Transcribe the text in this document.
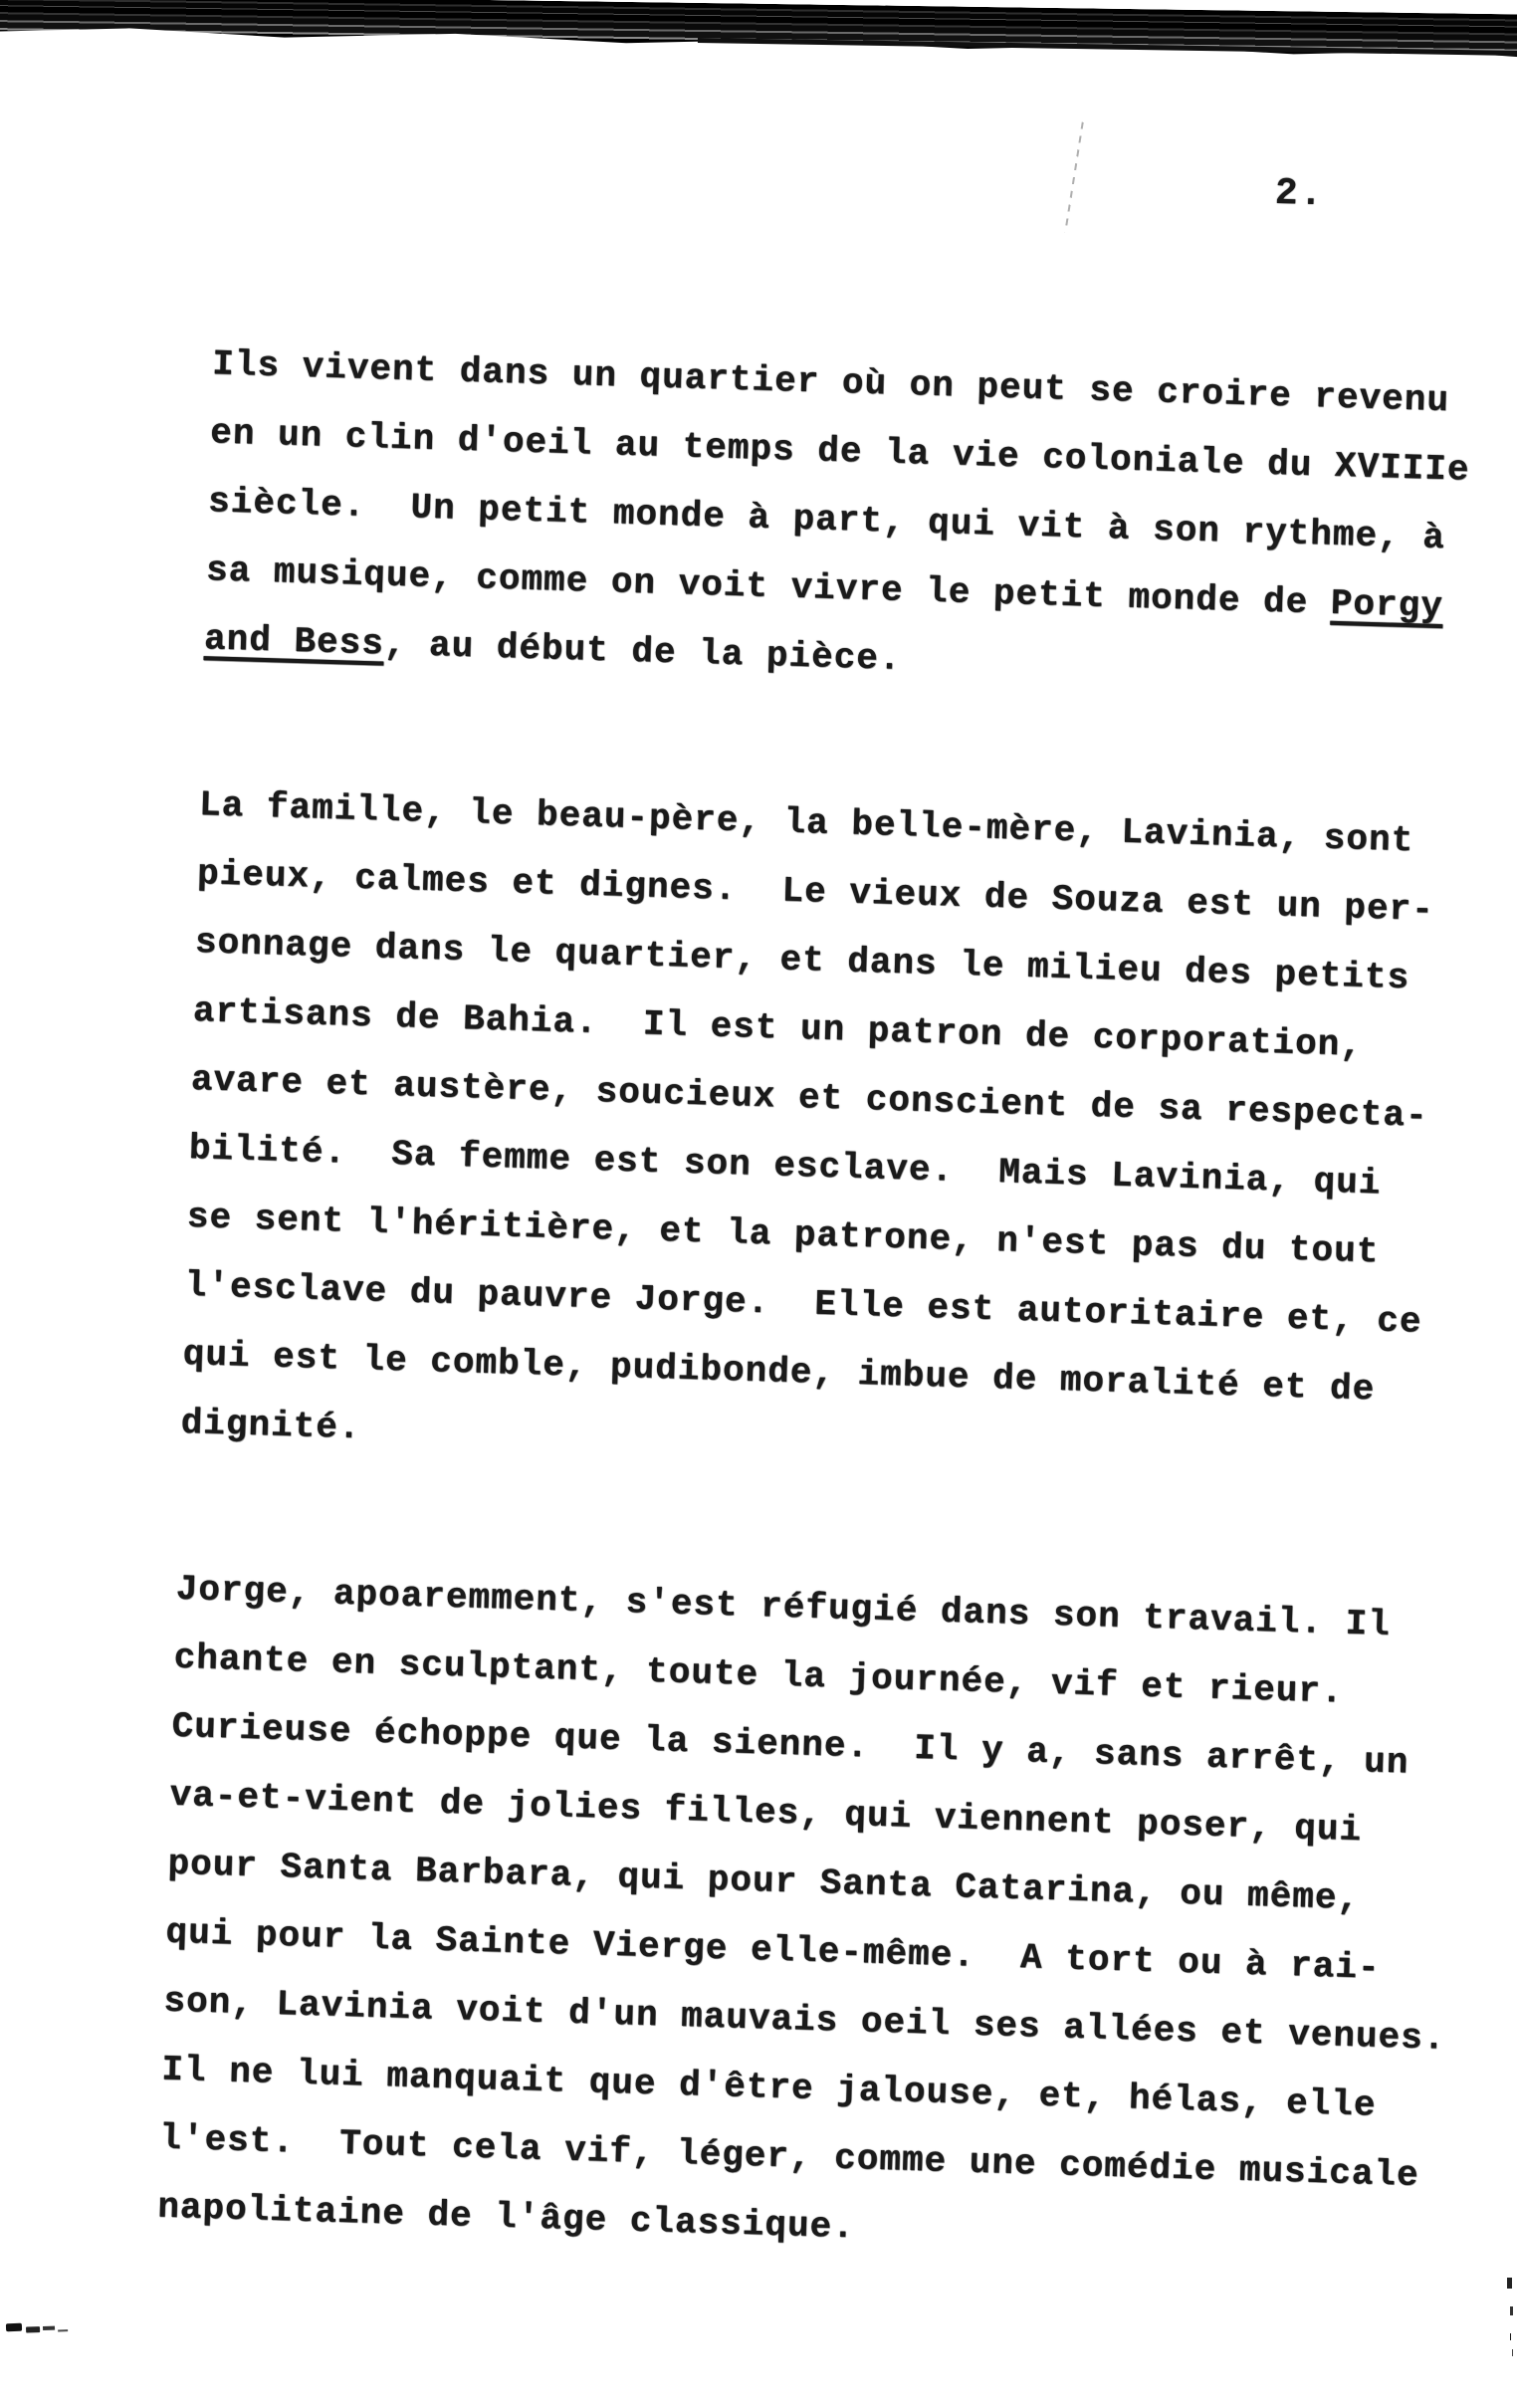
2.
Ils vivent dans un quartier où on peut se croire revenu
en un clin d'oeil au temps de la vie coloniale du XVIIIe
siècle.  Un petit monde à part, qui vit à son rythme, à
sa musique, comme on voit vivre le petit monde de Porgy
and Bess, au début de la pièce.
La famille, le beau-père, la belle-mère, Lavinia, sont
pieux, calmes et dignes.  Le vieux de Souza est un per-
sonnage dans le quartier, et dans le milieu des petits
artisans de Bahia.  Il est un patron de corporation,
avare et austère, soucieux et conscient de sa respecta-
bilité.  Sa femme est son esclave.  Mais Lavinia, qui
se sent l'héritière, et la patrone, n'est pas du tout
l'esclave du pauvre Jorge.  Elle est autoritaire et, ce
qui est le comble, pudibonde, imbue de moralité et de
dignité.
Jorge, apoaremment, s'est réfugié dans son travail. Il
chante en sculptant, toute la journée, vif et rieur.
Curieuse échoppe que la sienne.  Il y a, sans arrêt, un
va-et-vient de jolies filles, qui viennent poser, qui
pour Santa Barbara, qui pour Santa Catarina, ou même,
qui pour la Sainte Vierge elle-même.  A tort ou à rai-
son, Lavinia voit d'un mauvais oeil ses allées et venues.
Il ne lui manquait que d'être jalouse, et, hélas, elle
l'est.  Tout cela vif, léger, comme une comédie musicale
napolitaine de l'âge classique.
